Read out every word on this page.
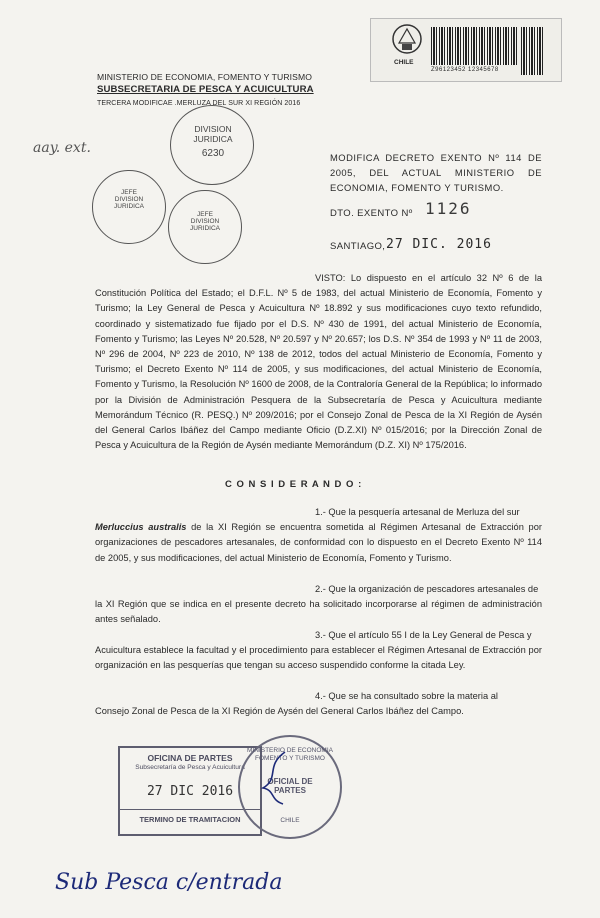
MINISTERIO DE ECONOMIA, FOMENTO Y TURISMO
SUBSECRETARIA DE PESCA Y ACUICULTURA
TERCERA MODIFICAE .MERLUZA DEL SUR XI REGIÓN 2016
CHILE
Z96123452 12345678
aay. ext.
DIVISION
JURIDICA
6230
JEFE
DIVISION
JURIDICA
JEFE
DIVISION
JURIDICA
MODIFICA DECRETO EXENTO Nº 114 DE 2005, DEL ACTUAL MINISTERIO DE ECONOMIA, FOMENTO Y TURISMO.
DTO. EXENTO Nº 1126
SANTIAGO, 27 DIC. 2016
VISTO: Lo dispuesto en el artículo 32 Nº 6 de la Constitución Política del Estado; el D.F.L. Nº 5 de 1983, del actual Ministerio de Economía, Fomento y Turismo; la Ley General de Pesca y Acuicultura Nº 18.892 y sus modificaciones cuyo texto refundido, coordinado y sistematizado fue fijado por el D.S. Nº 430 de 1991, del actual Ministerio de Economía, Fomento y Turismo; las Leyes Nº 20.528, Nº 20.597 y Nº 20.657; los D.S. Nº 354 de 1993 y Nº 11 de 2003, Nº 296 de 2004, Nº 223 de 2010, Nº 138 de 2012, todos del actual Ministerio de Economía, Fomento y Turismo; el Decreto Exento Nº 114 de 2005, y sus modificaciones, del actual Ministerio de Economía, Fomento y Turismo, la Resolución Nº 1600 de 2008, de la Contraloría General de la República; lo informado por la División de Administración Pesquera de la Subsecretaría de Pesca y Acuicultura mediante Memorándum Técnico (R. PESQ.) Nº 209/2016; por el Consejo Zonal de Pesca de la XI Región de Aysén del General Carlos Ibáñez del Campo mediante Oficio (D.Z.XI) Nº 015/2016; por la Dirección Zonal de Pesca y Acuicultura de la Región de Aysén mediante Memorándum (D.Z. XI) Nº 175/2016.
C O N S I D E R A N D O :
1.- Que la pesquería artesanal de Merluza del sur
Merluccius australis de la XI Región se encuentra sometida al Régimen Artesanal de Extracción por organizaciones de pescadores artesanales, de conformidad con lo dispuesto en el Decreto Exento Nº 114 de 2005, y sus modificaciones, del actual Ministerio de Economía, Fomento y Turismo.
2.- Que la organización de pescadores artesanales de
la XI Región que se indica en el presente decreto ha solicitado incorporarse al régimen de administración antes señalado.
3.- Que el artículo 55 I de la Ley General de Pesca y
Acuicultura establece la facultad y el procedimiento para establecer el Régimen Artesanal de Extracción por organización en las pesquerías que tengan su acceso suspendido conforme la citada Ley.
4.- Que se ha consultado sobre la materia al
Consejo Zonal de Pesca de la XI Región de Aysén del General Carlos Ibáñez del Campo.
OFICINA DE PARTES
Subsecretaría de Pesca y Acuicultura
27 DIC 2016
TERMINO DE TRAMITACION
MINISTERIO DE ECONOMIA FOMENTO Y TURISMO
OFICIAL DE PARTES
CHILE
Sub Pesca c/entrada
